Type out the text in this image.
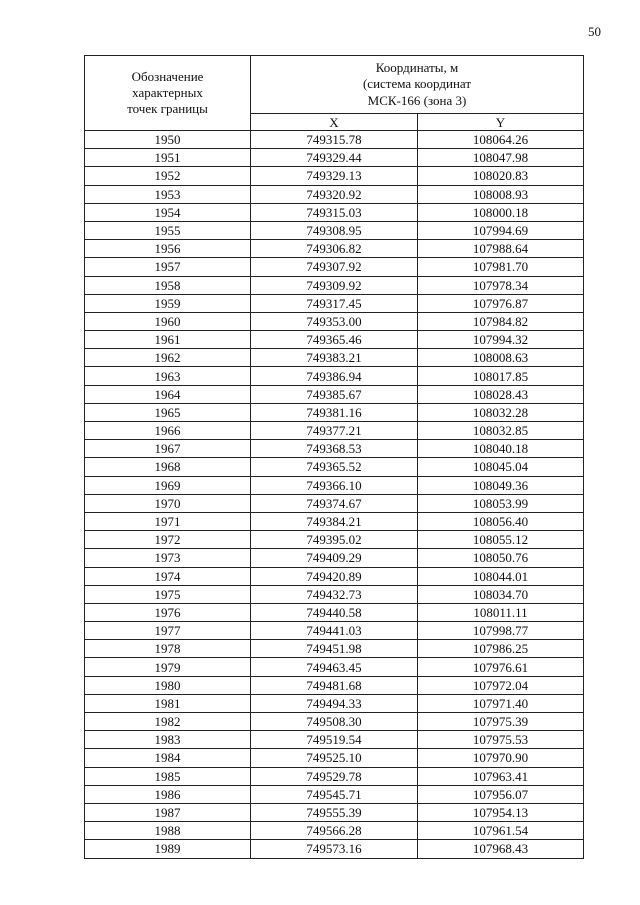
50
Обозначение
характерных
точек границы	Координаты, м
(система координат
МСК-166 (зона 3)	

	X	Y
1950	749315.78	108064.26
1951	749329.44	108047.98
1952	749329.13	108020.83
1953	749320.92	108008.93
1954	749315.03	108000.18
1955	749308.95	107994.69
1956	749306.82	107988.64
1957	749307.92	107981.70
1958	749309.92	107978.34
1959	749317.45	107976.87
1960	749353.00	107984.82
1961	749365.46	107994.32
1962	749383.21	108008.63
1963	749386.94	108017.85
1964	749385.67	108028.43
1965	749381.16	108032.28
1966	749377.21	108032.85
1967	749368.53	108040.18
1968	749365.52	108045.04
1969	749366.10	108049.36
1970	749374.67	108053.99
1971	749384.21	108056.40
1972	749395.02	108055.12
1973	749409.29	108050.76
1974	749420.89	108044.01
1975	749432.73	108034.70
1976	749440.58	108011.11
1977	749441.03	107998.77
1978	749451.98	107986.25
1979	749463.45	107976.61
1980	749481.68	107972.04
1981	749494.33	107971.40
1982	749508.30	107975.39
1983	749519.54	107975.53
1984	749525.10	107970.90
1985	749529.78	107963.41
1986	749545.71	107956.07
1987	749555.39	107954.13
1988	749566.28	107961.54
1989	749573.16	107968.43
